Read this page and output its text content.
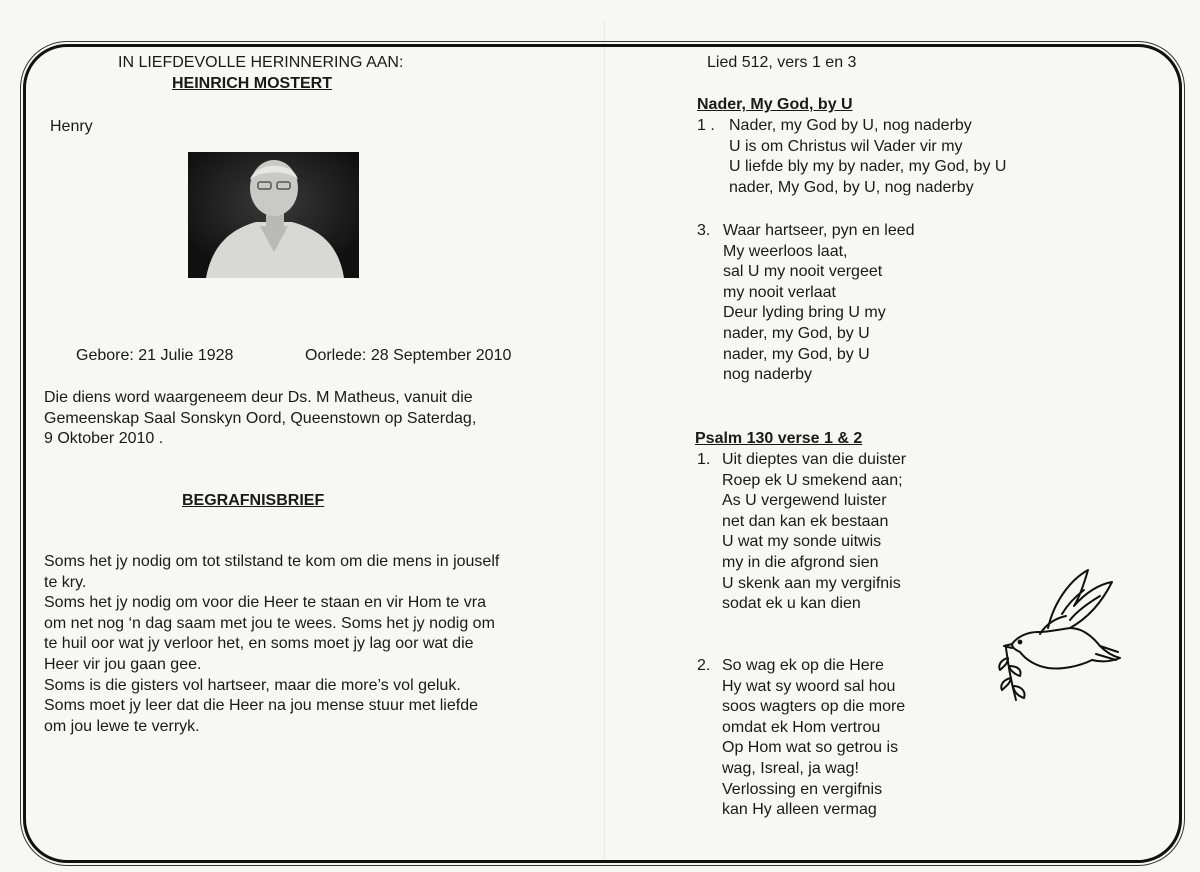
IN LIEFDEVOLLE HERINNERING AAN:
HEINRICH MOSTERT
Henry
Gebore: 21 Julie 1928	Oorlede: 28 September 2010
Die diens word waargeneem deur Ds. M Matheus, vanuit die
Gemeenskap Saal Sonskyn Oord, Queenstown op Saterdag,
9 Oktober 2010 .
BEGRAFNISBRIEF
Soms het jy nodig om tot stilstand te kom om die mens in jouself
te kry.
Soms het jy nodig om voor die Heer te staan en vir Hom te vra
om net nog ‘n dag saam met jou te wees. Soms het jy nodig om
te huil oor wat jy verloor het, en soms moet jy lag oor wat die
Heer vir jou gaan gee.
Soms is die gisters vol hartseer, maar die more’s vol geluk.
Soms moet jy leer dat die Heer na jou mense stuur met liefde
om jou lewe te verryk.
Lied 512, vers 1 en 3
Nader, My God, by U
1 . Nader, my God by U, nog naderby
U is om Christus wil Vader vir my
U liefde bly my by nader, my God, by U
nader, My God, by U, nog naderby
3. Waar hartseer, pyn en leed
My weerloos laat,
sal U my nooit vergeet
my nooit verlaat
Deur lyding bring U my
nader, my God, by U
nader, my God, by U
nog naderby
Psalm 130 verse 1 & 2
1. Uit dieptes van die duister
Roep ek U smekend aan;
As U vergewend luister
net dan kan ek bestaan
U wat my sonde uitwis
my in die afgrond sien
U skenk aan my vergifnis
sodat ek u kan dien
2. So wag ek op die Here
Hy wat sy woord sal hou
soos wagters op die more
omdat ek Hom vertrou
Op Hom wat so getrou is
wag, Isreal, ja wag!
Verlossing en vergifnis
kan Hy alleen vermag
